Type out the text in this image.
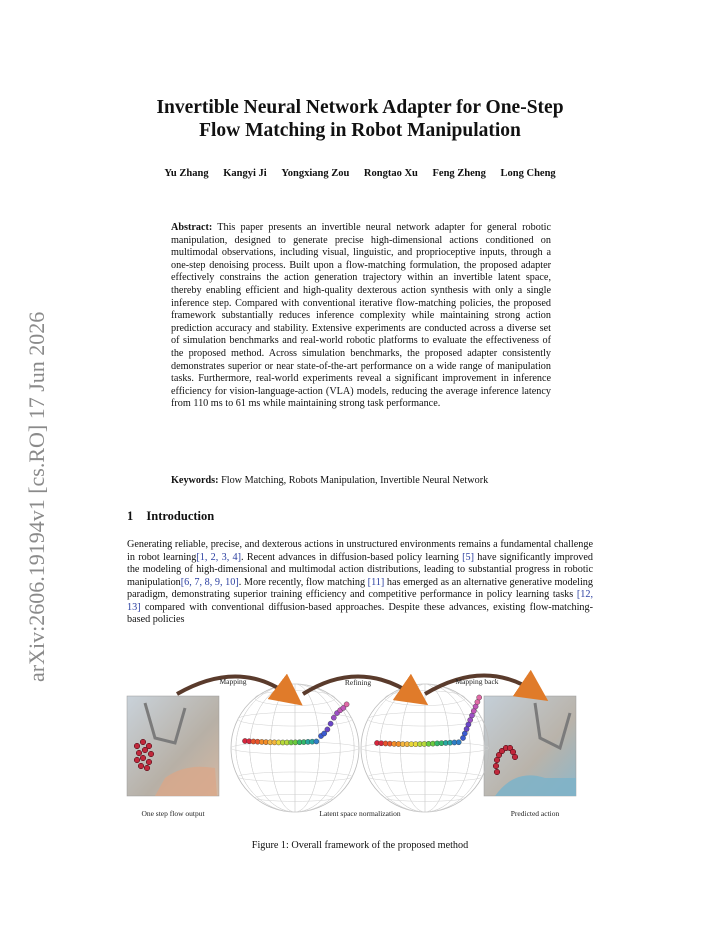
arXiv:2606.19194v1 [cs.RO] 17 Jun 2026
Invertible Neural Network Adapter for One-Step
Flow Matching in Robot Manipulation
Yu Zhang Kangyi Ji Yongxiang Zou Rongtao Xu Feng Zheng Long Cheng
Abstract: This paper presents an invertible neural network adapter for general robotic manipulation, designed to generate precise high-dimensional actions conditioned on multimodal observations, including visual, linguistic, and proprioceptive inputs, through a one-step denoising process. Built upon a flow-matching formulation, the proposed adapter effectively constrains the action generation trajectory within an invertible latent space, thereby enabling efficient and high-quality dexterous action synthesis with only a single inference step. Compared with conventional iterative flow-matching policies, the proposed framework substantially reduces inference complexity while maintaining strong action prediction accuracy and stability. Extensive experiments are conducted across a diverse set of simulation benchmarks and real-world robotic platforms to evaluate the effectiveness of the proposed method. Across simulation benchmarks, the proposed adapter consistently demonstrates superior or near state-of-the-art performance on a wide range of manipulation tasks. Furthermore, real-world experiments reveal a significant improvement in inference efficiency for vision-language-action (VLA) models, reducing the average inference latency from 110 ms to 61 ms while maintaining strong task performance.
Keywords: Flow Matching, Robots Manipulation, Invertible Neural Network
1 Introduction
Generating reliable, precise, and dexterous actions in unstructured environments remains a fundamental challenge in robot learning[1, 2, 3, 4]. Recent advances in diffusion-based policy learning [5] have significantly improved the modeling of high-dimensional and multimodal action distributions, leading to substantial progress in robotic manipulation[6, 7, 8, 9, 10]. More recently, flow matching [11] has emerged as an alternative generative modeling paradigm, demonstrating superior training efficiency and competitive performance in policy learning tasks [12, 13] compared with conventional diffusion-based approaches. Despite these advances, existing flow-matching-based policies
Mapping	Refining	Mapping back
One step flow output	Latent space normalization	Predicted action
Figure 1: Overall framework of the proposed method
